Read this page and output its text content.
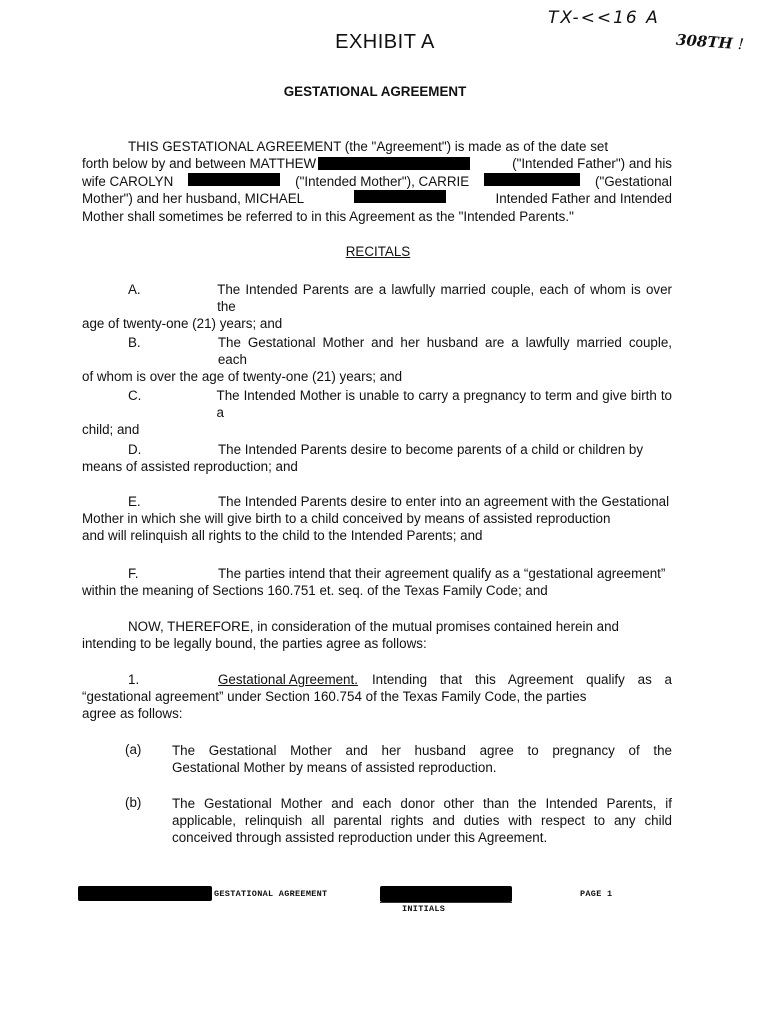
TX-<<16 A
308TH !
EXHIBIT A
GESTATIONAL AGREEMENT
THIS GESTATIONAL AGREEMENT (the "Agreement") is made as of the date set
forth below by and between MATTHEW	("Intended Father") and his
wife CAROLYN	("Intended Mother"), CARRIE	("Gestational
Mother") and her husband, MICHAEL	Intended Father and Intended
Mother shall sometimes be referred to in this Agreement as the "Intended Parents."
RECITALS
A.	The Intended Parents are a lawfully married couple, each of whom is over the
age of twenty-one (21) years; and
B.	The Gestational Mother and her husband are a lawfully married couple, each
of whom is over the age of twenty-one (21) years; and
C.	The Intended Mother is unable to carry a pregnancy to term and give birth to a
child; and
D.	The Intended Parents desire to become parents of a child or children by
means of assisted reproduction; and
E.	The Intended Parents desire to enter into an agreement with the Gestational
Mother in which she will give birth to a child conceived by means of assisted reproduction
and will relinquish all rights to the child to the Intended Parents; and
F.	The parties intend that their agreement qualify as a “gestational agreement”
within the meaning of Sections 160.751 et. seq. of the Texas Family Code; and
NOW, THEREFORE, in consideration of the mutual promises contained herein and
intending to be legally bound, the parties agree as follows:
1.	Gestational Agreement. Intending that this Agreement qualify as a
“gestational agreement” under Section 160.754 of the Texas Family Code, the parties
agree as follows:
(a) The Gestational Mother and her husband agree to pregnancy of the
Gestational Mother by means of assisted reproduction.
(b) The Gestational Mother and each donor other than the Intended Parents, if
applicable, relinquish all parental rights and duties with respect to any child
conceived through assisted reproduction under this Agreement.
GESTATIONAL AGREEMENT
INITIALS
PAGE 1
